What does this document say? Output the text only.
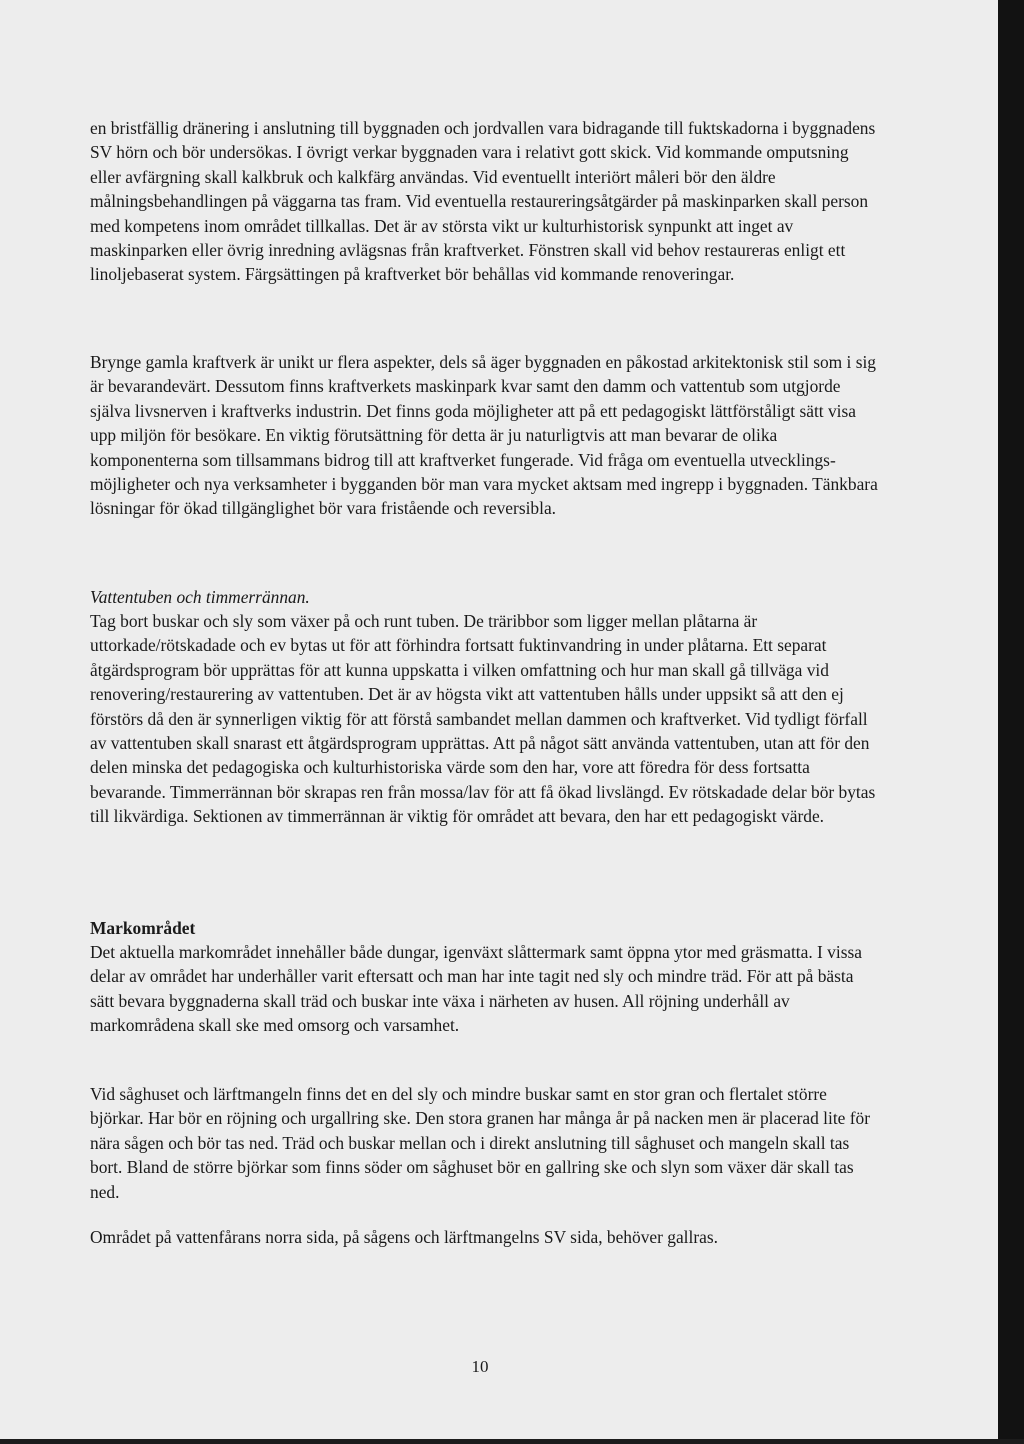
en bristfällig dränering i anslutning till byggnaden och jordvallen vara bidragande till fuktskadorna i byggnadens SV hörn och bör undersökas. I övrigt verkar byggnaden vara i relativt gott skick. Vid kommande omputsning eller avfärgning skall kalkbruk och kalkfärg användas. Vid eventuellt interiört måleri bör den äldre målningsbehandlingen på väggarna tas fram. Vid eventuella restaureringsåtgärder på maskinparken skall person med kompetens inom området tillkallas. Det är av största vikt ur kulturhistorisk synpunkt att inget av maskinparken eller övrig inredning avlägsnas från kraftverket. Fönstren skall vid behov restaureras enligt ett linoljebaserat system. Färgsättingen på kraftverket bör behållas vid kommande renoveringar.

Brynge gamla kraftverk är unikt ur flera aspekter, dels så äger byggnaden en påkostad arkitektonisk stil som i sig är bevarandevärt. Dessutom finns kraftverkets maskinpark kvar samt den damm och vattentub som utgjorde själva livsnerven i kraftverks industrin. Det finns goda möjligheter att på ett pedagogiskt lättförståligt sätt visa upp miljön för besökare. En viktig förutsättning för detta är ju naturligtvis att man bevarar de olika komponenterna som tillsammans bidrog till att kraftverket fungerade. Vid fråga om eventuella utvecklings-möjligheter och nya verksamheter i bygganden bör man vara mycket aktsam med ingrepp i byggnaden. Tänkbara lösningar för ökad tillgänglighet bör vara fristående och reversibla.

Vattentuben och timmerrännan.

Tag bort buskar och sly som växer på och runt tuben. De träribbor som ligger mellan plåtarna är uttorkade/rötskadade och ev bytas ut för att förhindra fortsatt fuktinvandring in under plåtarna. Ett separat åtgärdsprogram bör upprättas för att kunna uppskatta i vilken omfattning och hur man skall gå tillväga vid renovering/restaurering av vattentuben. Det är av högsta vikt att vattentuben hålls under uppsikt så att den ej förstörs då den är synnerligen viktig för att förstå sambandet mellan dammen och kraftverket. Vid tydligt förfall av vattentuben skall snarast ett åtgärdsprogram upprättas. Att på något sätt använda vattentuben, utan att för den delen minska det pedagogiska och kulturhistoriska värde som den har, vore att föredra för dess fortsatta bevarande. Timmerrännan bör skrapas ren från mossa/lav för att få ökad livslängd. Ev rötskadade delar bör bytas till likvärdiga. Sektionen av timmerrännan är viktig för området att bevara, den har ett pedagogiskt värde.

Markområdet

Det aktuella markområdet innehåller både dungar, igenväxt slåttermark samt öppna ytor med gräsmatta. I vissa delar av området har underhåller varit eftersatt och man har inte tagit ned sly och mindre träd. För att på bästa sätt bevara byggnaderna skall träd och buskar inte växa i närheten av husen. All röjning underhåll av markområdena skall ske med omsorg och varsamhet.

Vid såghuset och lärftmangeln finns det en del sly och mindre buskar samt en stor gran och flertalet större björkar. Har bör en röjning och urgallring ske. Den stora granen har många år på nacken men är placerad lite för nära sågen och bör tas ned. Träd och buskar mellan och i direkt anslutning till såghuset och mangeln skall tas bort. Bland de större björkar som finns söder om såghuset bör en gallring ske och slyn som växer där skall tas ned.

Området på vattenfårans norra sida, på sågens och lärftmangelns SV sida, behöver gallras.

10
